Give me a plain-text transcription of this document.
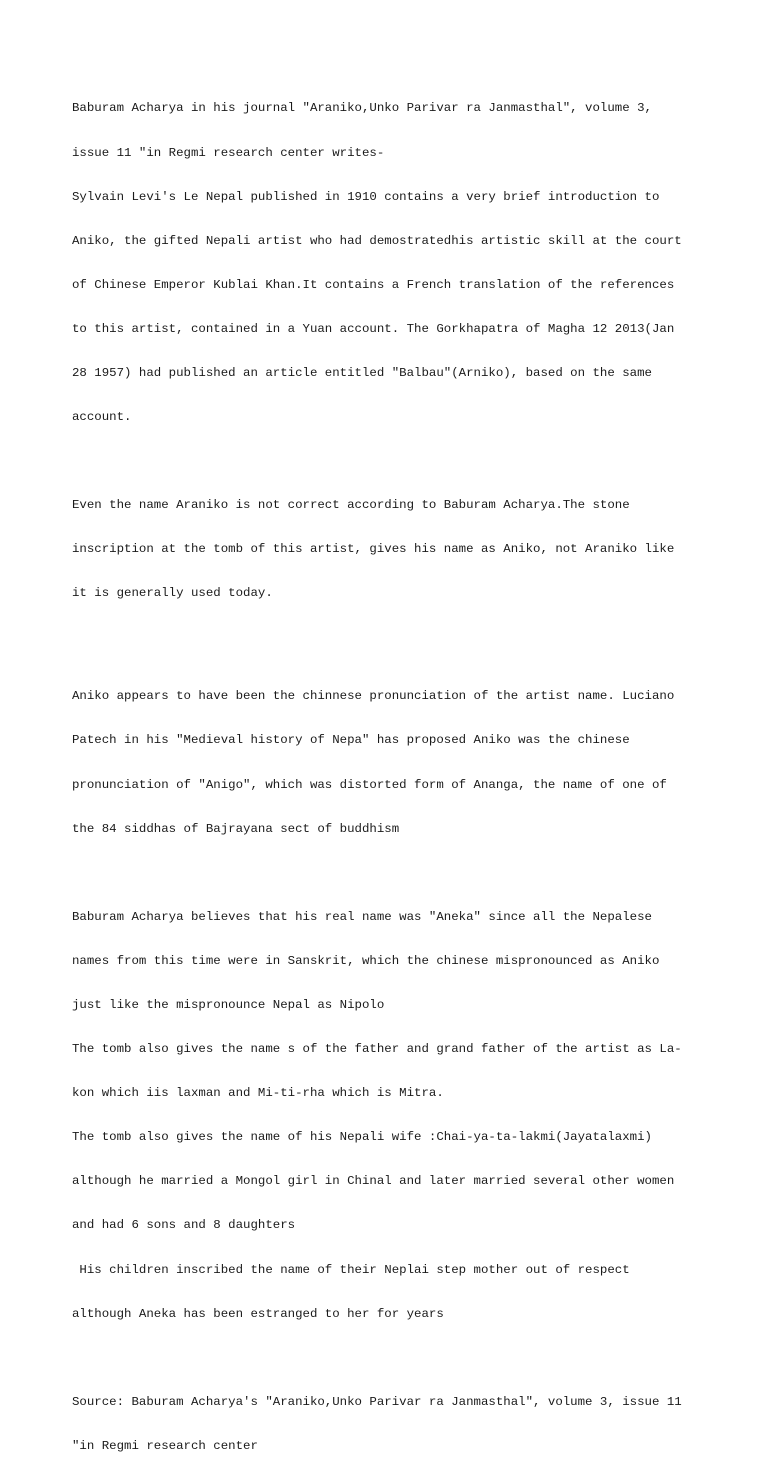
Baburam Acharya in his journal "Araniko,Unko Parivar ra Janmasthal", volume 3,

issue 11 "in Regmi research center writes-

Sylvain Levi's Le Nepal published in 1910 contains a very brief introduction to

Aniko, the gifted Nepali artist who had demostratedhis artistic skill at the court

of Chinese Emperor Kublai Khan.It contains a French translation of the references

to this artist, contained in a Yuan account. The Gorkhapatra of Magha 12 2013(Jan

28 1957) had published an article entitled "Balbau"(Arniko), based on the same

account.

Even the name Araniko is not correct according to Baburam Acharya.The stone

inscription at the tomb of this artist, gives his name as Aniko, not Araniko like

it is generally used today.

Aniko appears to have been the chinnese pronunciation of the artist name. Luciano

Patech in his "Medieval history of Nepa" has proposed Aniko was the chinese

pronunciation of "Anigo", which was distorted form of Ananga, the name of one of

the 84 siddhas of Bajrayana sect of buddhism

Baburam Acharya believes that his real name was "Aneka" since all the Nepalese

names from this time were in Sanskrit, which the chinese mispronounced as Aniko

just like the mispronounce Nepal as Nipolo

The tomb also gives the name s of the father and grand father of the artist as La-

kon which iis laxman and Mi-ti-rha which is Mitra.

The tomb also gives the name of his Nepali wife :Chai-ya-ta-lakmi(Jayatalaxmi)

although he married a Mongol girl in Chinal and later married several other women

and had 6 sons and 8 daughters

His children inscribed the name of their Neplai step mother out of respect

although Aneka has been estranged to her for years

Source: Baburam Acharya's "Araniko,Unko Parivar ra Janmasthal", volume 3, issue 11

"in Regmi research center
